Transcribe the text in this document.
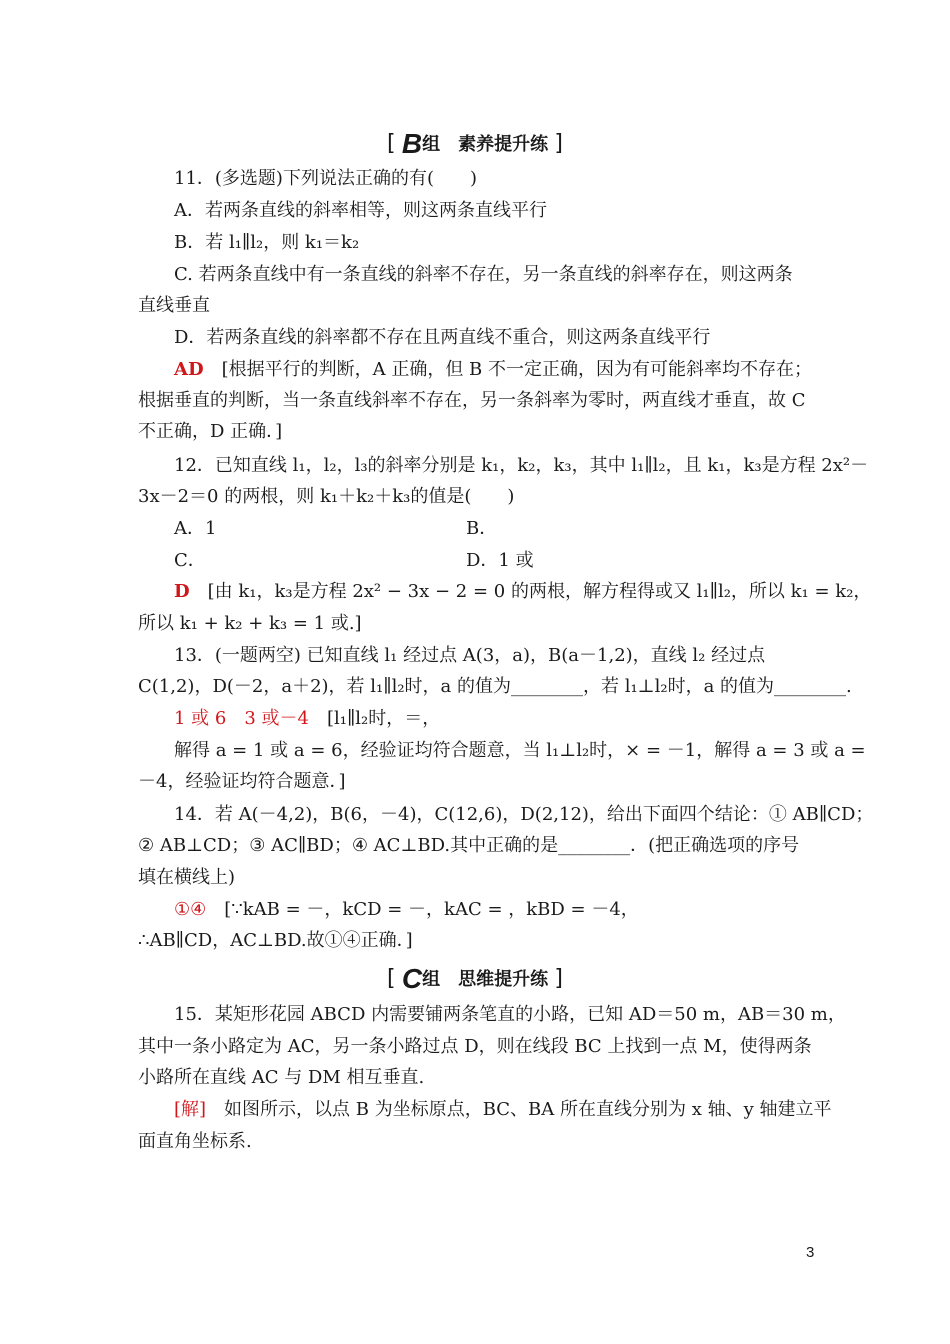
[ B组　素养提升练 ]
11．(多选题)下列说法正确的有(　　)
A．若两条直线的斜率相等，则这两条直线平行
B．若 l₁∥l₂，则 k₁＝k₂
C. 若两条直线中有一条直线的斜率不存在，另一条直线的斜率存在，则这两条
直线垂直
D．若两条直线的斜率都不存在且两直线不重合，则这两条直线平行
AD　[根据平行的判断，A 正确，但 B 不一定正确，因为有可能斜率均不存在；
根据垂直的判断，当一条直线斜率不存在，另一条斜率为零时，两直线才垂直，故 C
不正确，D 正确．]
12．已知直线 l₁，l₂，l₃的斜率分别是 k₁，k₂，k₃，其中 l₁∥l₂，且 k₁，k₃是方程 2x²－
3x－2＝0 的两根，则 k₁＋k₂＋k₃的值是(　　)
A．1	B．
C．	D．1 或
D　[由 k₁，k₃是方程 2x² − 3x − 2 = 0 的两根，解方程得或又 l₁∥l₂，所以 k₁ = k₂，
所以 k₁ + k₂ + k₃ = 1 或.]
13．(一题两空) 已知直线 l₁ 经过点 A(3，a)，B(a－1,2)，直线 l₂ 经过点
C(1,2)，D(－2，a＋2)，若 l₁∥l₂时，a 的值为________，若 l₁⊥l₂时，a 的值为________.
1 或 6　3 或－4　[l₁∥l₂时，＝，
解得 a = 1 或 a = 6，经验证均符合题意，当 l₁⊥l₂时，× = －1，解得 a = 3 或 a =
－4，经验证均符合题意．]
14．若 A(－4,2)，B(6，－4)，C(12,6)，D(2,12)，给出下面四个结论：① AB∥CD；
② AB⊥CD；③ AC∥BD；④ AC⊥BD.其中正确的是________．(把正确选项的序号
填在横线上)
①④　[∵kAB = －，kCD = －，kAC = ，kBD = －4，
∴AB∥CD，AC⊥BD.故①④正确．]
[ C组　思维提升练 ]
15．某矩形花园 ABCD 内需要铺两条笔直的小路，已知 AD＝50 m，AB＝30 m，
其中一条小路定为 AC，另一条小路过点 D，则在线段 BC 上找到一点 M，使得两条
小路所在直线 AC 与 DM 相互垂直.
[解]　如图所示，以点 B 为坐标原点，BC、BA 所在直线分别为 x 轴、y 轴建立平
面直角坐标系.
3
